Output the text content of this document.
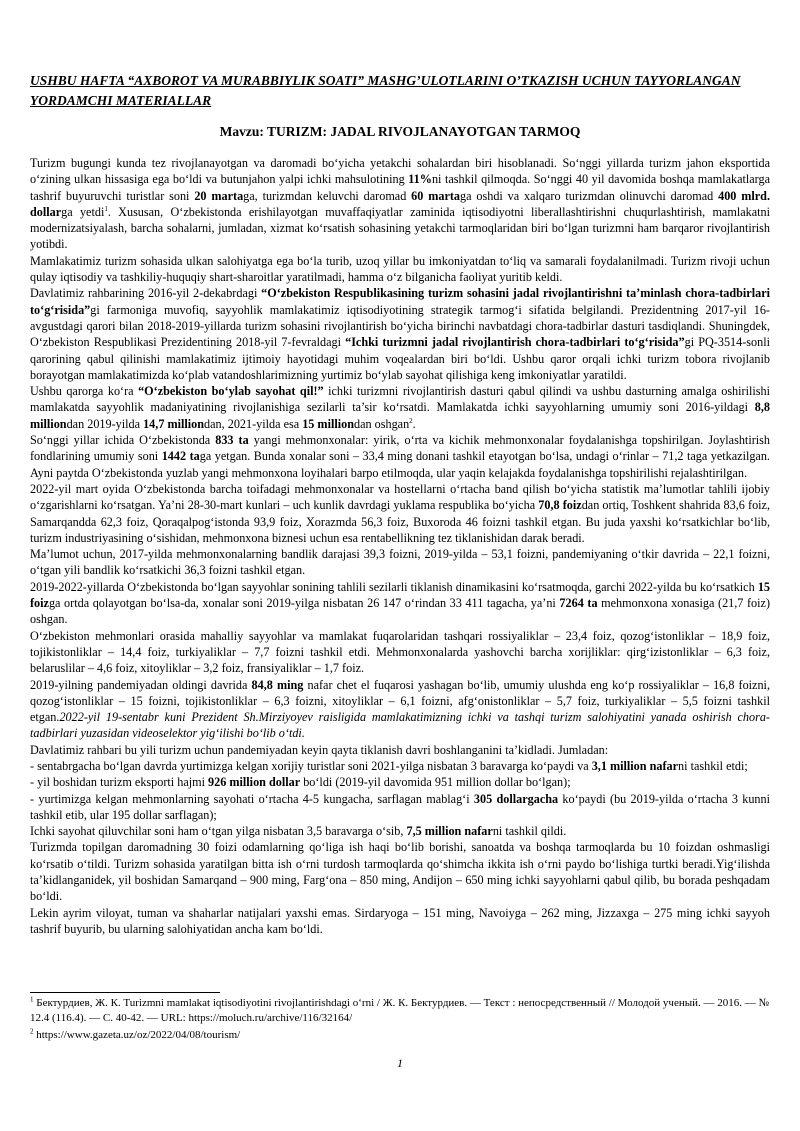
USHBU HAFTA “AXBOROT VA MURABBIYLIK SOATI” MASHG’ULOTLARINI O’TKAZISH UCHUN TAYYORLANGAN YORDAMCHI MATERIALLAR
Mavzu: TURIZM: JADAL RIVOJLANAYOTGAN TARMOQ

Turizm bugungi kunda tez rivojlanayotgan va daromadi bo‘yicha yetakchi sohalardan biri hisoblanadi. So‘nggi yillarda turizm jahon eksportida o‘zining ulkan hissasiga ega bo‘ldi va butunjahon yalpi ichki mahsulotining 11%ni tashkil qilmoqda. So‘nggi 40 yil davomida boshqa mamlakatlarga tashrif buyuruvchi turistlar soni 20 martaga, turizmdan keluvchi daromad 60 martaga oshdi va xalqaro turizmdan olinuvchi daromad 400 mlrd. dollarga yetdi$^1$. Xususan, O‘zbekistonda erishilayotgan muvaffaqiyatlar zaminida iqtisodiyotni liberallashtirishni chuqurlashtirish, mamlakatni modernizatsiyalash, barcha sohalarni, jumladan, xizmat ko‘rsatish sohasining yetakchi tarmoqlaridan biri bo‘lgan turizmni ham barqaror rivojlantirish yotibdi.

Mamlakatimiz turizm sohasida ulkan salohiyatga ega bo‘la turib, uzoq yillar bu imkoniyatdan to‘liq va samarali foydalanilmadi. Turizm rivoji uchun qulay iqtisodiy va tashkiliy-huquqiy shart-sharoitlar yaratilmadi, hamma o‘z bilganicha faoliyat yuritib keldi.

Davlatimiz rahbarining 2016-yil 2-dekabrdagi “O‘zbekiston Respublikasining turizm sohasini jadal rivojlantirishni ta’minlash chora-tadbirlari to‘g‘risida”gi farmoniga muvofiq, sayyohlik mamlakatimiz iqtisodiyotining strategik tarmog‘i sifatida belgilandi. Prezidentning 2017-yil 16-avgustdagi qarori bilan 2018-2019-yillarda turizm sohasini rivojlantirish bo‘yicha birinchi navbatdagi chora-tadbirlar dasturi tasdiqlandi. Shuningdek, O‘zbekiston Respublikasi Prezidentining 2018-yil 7-fevraldagi “Ichki turizmni jadal rivojlantirish chora-tadbirlari to‘g‘risida”gi PQ-3514-sonli qarorining qabul qilinishi mamlakatimiz ijtimoiy hayotidagi muhim voqealardan biri bo‘ldi. Ushbu qaror orqali ichki turizm tobora rivojlanib borayotgan mamlakatimizda ko‘plab vatandoshlarimizning yurtimiz bo‘ylab sayohat qilishiga keng imkoniyatlar yaratildi.

Ushbu qarorga ko‘ra “O‘zbekiston bo‘ylab sayohat qil!” ichki turizmni rivojlantirish dasturi qabul qilindi va ushbu dasturning amalga oshirilishi mamlakatda sayyohlik madaniyatining rivojlanishiga sezilarli ta’sir ko‘rsatdi. Mamlakatda ichki sayyohlarning umumiy soni 2016-yildagi 8,8 milliondan 2019-yilda 14,7 milliondan, 2021-yilda esa 15 milliondan oshgan$^2$.

So‘nggi yillar ichida O‘zbekistonda 833 ta yangi mehmonxonalar: yirik, o‘rta va kichik mehmonxonalar foydalanishga topshirilgan. Joylashtirish fondlarining umumiy soni 1442 taga yetgan. Bunda xonalar soni – 33,4 ming donani tashkil etayotgan bo‘lsa, undagi o‘rinlar – 71,2 taga yetkazilgan. Ayni paytda O‘zbekistonda yuzlab yangi mehmonxona loyihalari barpo etilmoqda, ular yaqin kelajakda foydalanishga topshirilishi rejalashtirilgan.

2022-yil mart oyida O‘zbekistonda barcha toifadagi mehmonxonalar va hostellarni o‘rtacha band qilish bo‘yicha statistik ma’lumotlar tahlili ijobiy o‘zgarishlarni ko‘rsatgan. Ya’ni 28-30-mart kunlari – uch kunlik davrdagi yuklama respublika bo‘yicha 70,8 foizdan ortiq, Toshkent shahrida 83,6 foiz, Samarqandda 62,3 foiz, Qoraqalpog‘istonda 93,9 foiz, Xorazmda 56,3 foiz, Buxoroda 46 foizni tashkil etgan. Bu juda yaxshi ko‘rsatkichlar bo‘lib, turizm industriyasining o‘sishidan, mehmonxona biznesi uchun esa rentabellikning tez tiklanishidan darak beradi.

Ma’lumot uchun, 2017-yilda mehmonxonalarning bandlik darajasi 39,3 foizni, 2019-yilda – 53,1 foizni, pandemiyaning o‘tkir davrida – 22,1 foizni, o‘tgan yili bandlik ko‘rsatkichi 36,3 foizni tashkil etgan.

2019-2022-yillarda O‘zbekistonda bo‘lgan sayyohlar sonining tahlili sezilarli tiklanish dinamikasini ko‘rsatmoqda, garchi 2022-yilda bu ko‘rsatkich 15 foizga ortda qolayotgan bo‘lsa-da, xonalar soni 2019-yilga nisbatan 26 147 o‘rindan 33 411 tagacha, ya’ni 7264 ta mehmonxona xonasiga (21,7 foiz) oshgan.

O‘zbekiston mehmonlari orasida mahalliy sayyohlar va mamlakat fuqarolaridan tashqari rossiyaliklar – 23,4 foiz, qozog‘istonliklar – 18,9 foiz, tojikistonliklar – 14,4 foiz, turkiyaliklar – 7,7 foizni tashkil etdi. Mehmonxonalarda yashovchi barcha xorijliklar: qirg‘izistonliklar – 6,3 foiz, belaruslilar – 4,6 foiz, xitoyliklar – 3,2 foiz, fransiyaliklar – 1,7 foiz.

2019-yilning pandemiyadan oldingi davrida 84,8 ming nafar chet el fuqarosi yashagan bo‘lib, umumiy ulushda eng ko‘p rossiyaliklar – 16,8 foizni, qozog‘istonliklar – 15 foizni, tojikistonliklar – 6,3 foizni, xitoyliklar – 6,1 foizni, afg‘onistonliklar – 5,7 foiz, turkiyaliklar – 5,5 foizni tashkil etgan.2022-yil 19-sentabr kuni Prezident Sh.Mirziyoyev raisligida mamlakatimizning ichki va tashqi turizm salohiyatini yanada oshirish chora-tadbirlari yuzasidan videoselektor yig‘ilishi bo‘lib o‘tdi.

Davlatimiz rahbari bu yili turizm uchun pandemiyadan keyin qayta tiklanish davri boshlanganini ta’kidladi. Jumladan:

- sentabrgacha bo‘lgan davrda yurtimizga kelgan xorijiy turistlar soni 2021-yilga nisbatan 3 baravarga ko‘paydi va 3,1 million nafarni tashkil etdi;

- yil boshidan turizm eksporti hajmi 926 million dollar bo‘ldi (2019-yil davomida 951 million dollar bo‘lgan);

- yurtimizga kelgan mehmonlarning sayohati o‘rtacha 4-5 kungacha, sarflagan mablag‘i 305 dollargacha ko‘paydi (bu 2019-yilda o‘rtacha 3 kunni tashkil etib, ular 195 dollar sarflagan);

Ichki sayohat qiluvchilar soni ham o‘tgan yilga nisbatan 3,5 baravarga o‘sib, 7,5 million nafarni tashkil qildi.

Turizmda topilgan daromadning 30 foizi odamlarning qo‘liga ish haqi bo‘lib borishi, sanoatda va boshqa tarmoqlarda bu 10 foizdan oshmasligi ko‘rsatib o‘tildi. Turizm sohasida yaratilgan bitta ish o‘rni turdosh tarmoqlarda qo‘shimcha ikkita ish o‘rni paydo bo‘lishiga turtki beradi.Yig‘ilishda ta’kidlanganidek, yil boshidan Samarqand – 900 ming, Farg‘ona – 850 ming, Andijon – 650 ming ichki sayyohlarni qabul qilib, bu borada peshqadam bo‘ldi.

Lekin ayrim viloyat, tuman va shaharlar natijalari yaxshi emas. Sirdaryoga – 151 ming, Navoiyga – 262 ming, Jizzaxga – 275 ming ichki sayyoh tashrif buyurib, bu ularning salohiyatidan ancha kam bo‘ldi.

$^1$ Бектурдиев, Ж. К. Turizmni mamlakat iqtisodiyotini rivojlantirishdagi o‘rni / Ж. К. Бектурдиев. — Текст : непосредственный // Молодой ученый. — 2016. — № 12.4 (116.4). — С. 40-42. — URL: https://moluch.ru/archive/116/32164/
$^2$ https://www.gazeta.uz/oz/2022/04/08/tourism/
1
